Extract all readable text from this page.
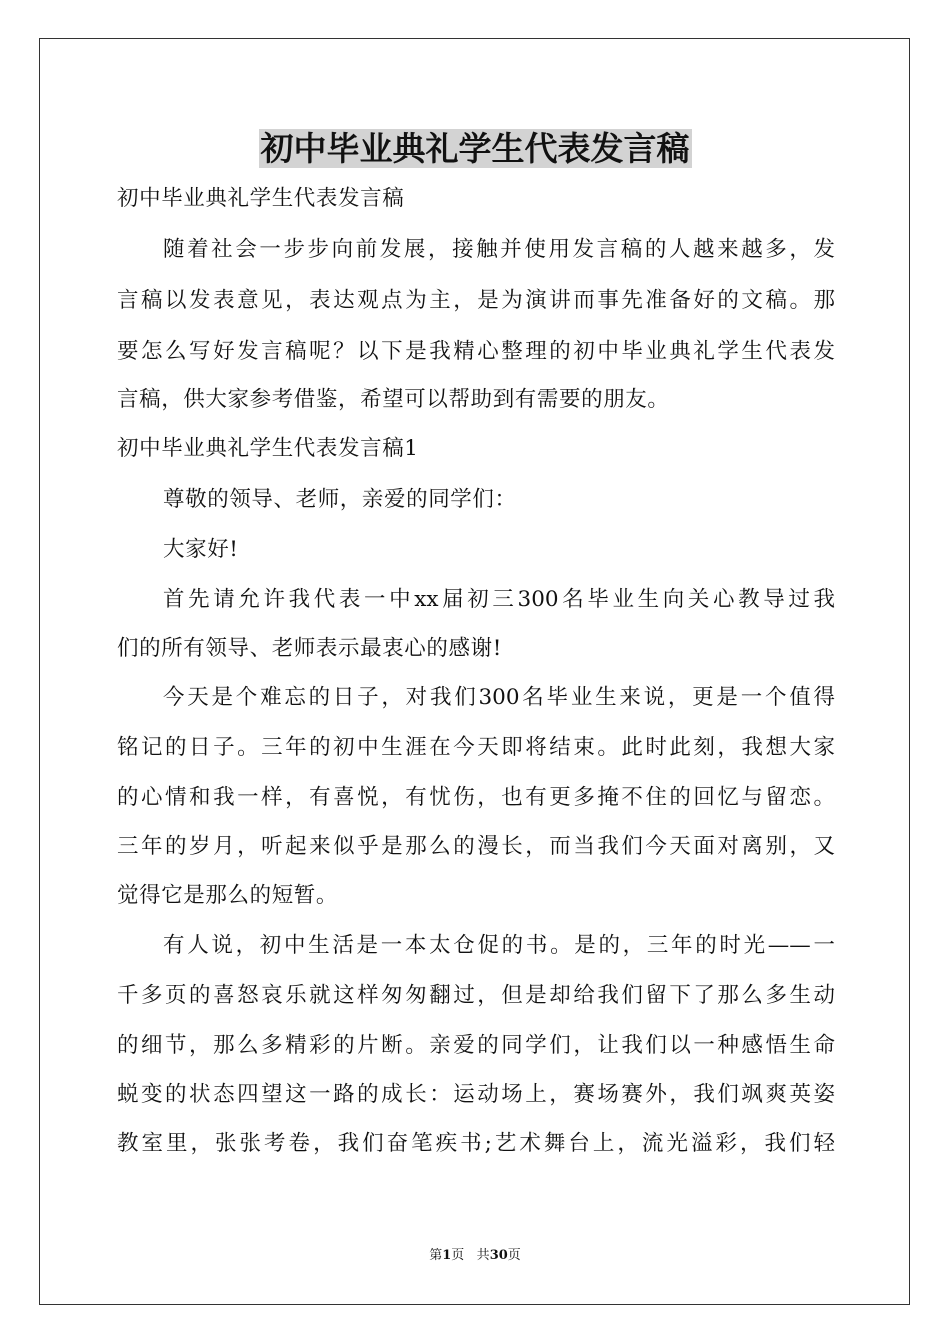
初中毕业典礼学生代表发言稿

初中毕业典礼学生代表发言稿

随着社会一步步向前发展，接触并使用发言稿的人越来越多，发

言稿以发表意见，表达观点为主，是为演讲而事先准备好的文稿。那

要怎么写好发言稿呢？以下是我精心整理的初中毕业典礼学生代表发

言稿，供大家参考借鉴，希望可以帮助到有需要的朋友。

初中毕业典礼学生代表发言稿1

尊敬的领导、老师，亲爱的同学们：

大家好!

首先请允许我代表一中xx届初三300名毕业生向关心教导过我

们的所有领导、老师表示最衷心的感谢!

今天是个难忘的日子，对我们300名毕业生来说，更是一个值得

铭记的日子。三年的初中生涯在今天即将结束。此时此刻，我想大家

的心情和我一样，有喜悦，有忧伤，也有更多掩不住的回忆与留恋。

三年的岁月，听起来似乎是那么的漫长，而当我们今天面对离别，又

觉得它是那么的短暂。

有人说，初中生活是一本太仓促的书。是的，三年的时光——一

千多页的喜怒哀乐就这样匆匆翻过，但是却给我们留下了那么多生动

的细节，那么多精彩的片断。亲爱的同学们，让我们以一种感悟生命

蜕变的状态四望这一路的成长：运动场上，赛场赛外，我们飒爽英姿

教室里，张张考卷，我们奋笔疾书;艺术舞台上，流光溢彩，我们轻

第1页 共30页
